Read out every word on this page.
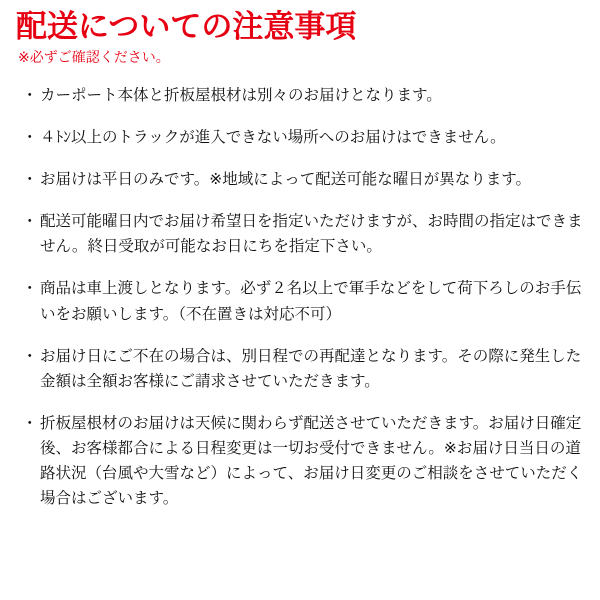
配送についての注意事項
※必ずご確認ください。
・ カーポート本体と折板屋根材は別々のお届けとなります。
・ ４ﾄﾝ以上のトラックが進入できない場所へのお届けはできません。
・ お届けは平日のみです。※地域によって配送可能な曜日が異なります。
・ 配送可能曜日内でお届け希望日を指定いただけますが、お時間の指定はできません。終日受取が可能なお日にちを指定下さい。
・ 商品は車上渡しとなります。必ず２名以上で軍手などをして荷下ろしのお手伝いをお願いします。（不在置きは対応不可）
・ お届け日にご不在の場合は、別日程での再配達となります。その際に発生した金額は全額お客様にご請求させていただきます。
・ 折板屋根材のお届けは天候に関わらず配送させていただきます。お届け日確定後、お客様都合による日程変更は一切お受付できません。※お届け日当日の道路状況（台風や大雪など）によって、お届け日変更のご相談をさせていただく場合はございます。
